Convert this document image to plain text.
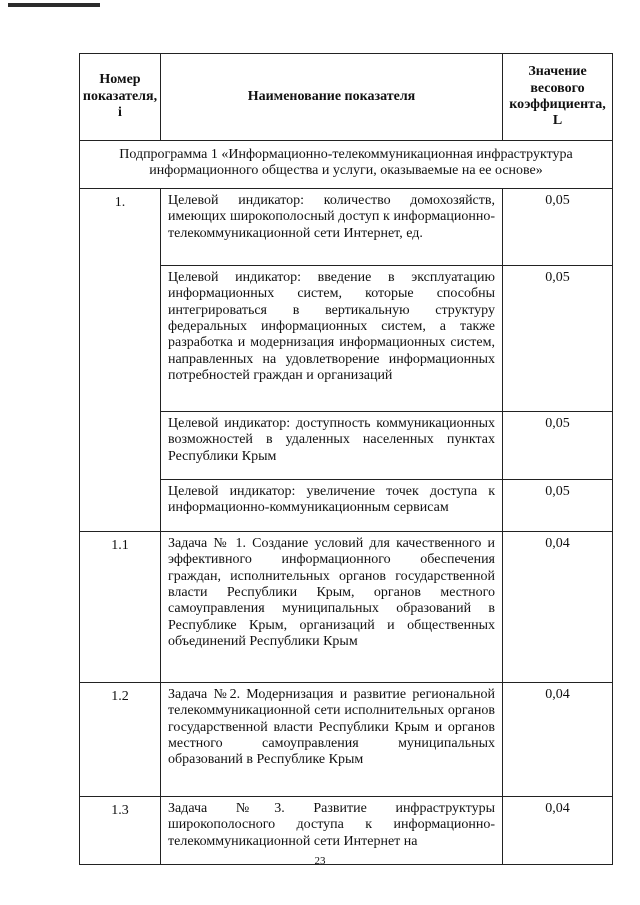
Номер показателя, i	Наименование показателя	Значение весового коэффициента, L
Подпрограмма 1 «Информационно-телекоммуникационная инфраструктура информационного общества и услуги, оказываемые на ее основе»		
1.	Целевой индикатор: количество домохозяйств, имеющих широкополосный доступ к информационно-телекоммуникационной сети Интернет, ед.	0,05
	Целевой индикатор: введение в эксплуатацию информационных систем, которые способны интегрироваться в вертикальную структуру федеральных информационных систем, а также разработка и модернизация информационных систем, направленных на удовлетворение информационных потребностей граждан и организаций	0,05
	Целевой индикатор: доступность коммуникационных возможностей в удаленных населенных пунктах Республики Крым	0,05
	Целевой индикатор: увеличение точек доступа к информационно-коммуникационным сервисам	0,05
1.1	Задача № 1. Создание условий для качественного и эффективного информационного обеспечения граждан, исполнительных органов государственной власти Республики Крым, органов местного самоуправления муниципальных образований в Республике Крым, организаций и общественных объединений Республики Крым	0,04
1.2	Задача №2. Модернизация и развитие региональной телекоммуникационной сети исполнительных органов государственной власти Республики Крым и органов местного самоуправления муниципальных образований в Республике Крым	0,04
1.3	Задача №3. Развитие инфраструктуры широкополосного доступа к информационно-телекоммуникационной сети Интернет на	0,04
23
